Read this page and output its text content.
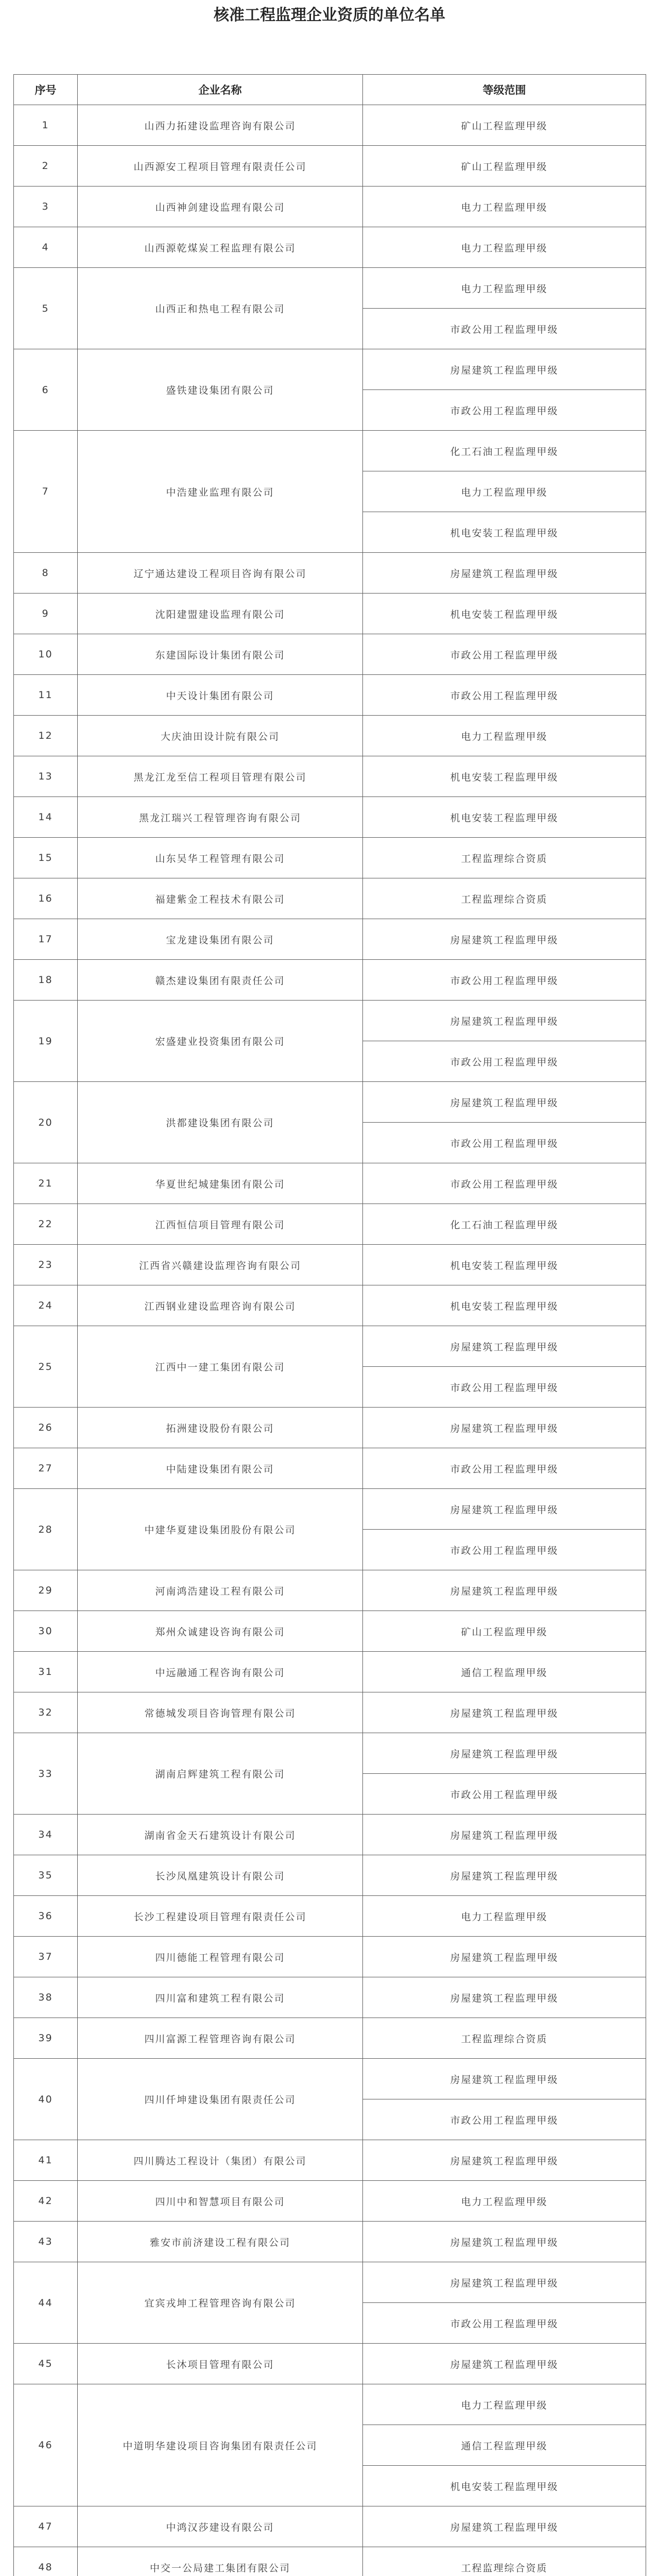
核准工程监理企业资质的单位名单
序号	企业名称	等级范围
1	山西力拓建设监理咨询有限公司	矿山工程监理甲级
2	山西源安工程项目管理有限责任公司	矿山工程监理甲级
3	山西神剑建设监理有限公司	电力工程监理甲级
4	山西源乾煤炭工程监理有限公司	电力工程监理甲级
5	山西正和热电工程有限公司	电力工程监理甲级
		市政公用工程监理甲级
6	盛铁建设集团有限公司	房屋建筑工程监理甲级
		市政公用工程监理甲级
7	中浩建业监理有限公司	化工石油工程监理甲级
		电力工程监理甲级
		机电安装工程监理甲级
8	辽宁通达建设工程项目咨询有限公司	房屋建筑工程监理甲级
9	沈阳建盟建设监理有限公司	机电安装工程监理甲级
10	东建国际设计集团有限公司	市政公用工程监理甲级
11	中天设计集团有限公司	市政公用工程监理甲级
12	大庆油田设计院有限公司	电力工程监理甲级
13	黑龙江龙至信工程项目管理有限公司	机电安装工程监理甲级
14	黑龙江瑞兴工程管理咨询有限公司	机电安装工程监理甲级
15	山东吴华工程管理有限公司	工程监理综合资质
16	福建紫金工程技术有限公司	工程监理综合资质
17	宝龙建设集团有限公司	房屋建筑工程监理甲级
18	赣杰建设集团有限责任公司	市政公用工程监理甲级
19	宏盛建业投资集团有限公司	房屋建筑工程监理甲级
		市政公用工程监理甲级
20	洪都建设集团有限公司	房屋建筑工程监理甲级
		市政公用工程监理甲级
21	华夏世纪城建集团有限公司	市政公用工程监理甲级
22	江西恒信项目管理有限公司	化工石油工程监理甲级
23	江西省兴赣建设监理咨询有限公司	机电安装工程监理甲级
24	江西钢业建设监理咨询有限公司	机电安装工程监理甲级
25	江西中一建工集团有限公司	房屋建筑工程监理甲级
		市政公用工程监理甲级
26	拓洲建设股份有限公司	房屋建筑工程监理甲级
27	中陆建设集团有限公司	市政公用工程监理甲级
28	中建华夏建设集团股份有限公司	房屋建筑工程监理甲级
		市政公用工程监理甲级
29	河南鸿浩建设工程有限公司	房屋建筑工程监理甲级
30	郑州众诚建设咨询有限公司	矿山工程监理甲级
31	中远融通工程咨询有限公司	通信工程监理甲级
32	常德城发项目咨询管理有限公司	房屋建筑工程监理甲级
33	湖南启辉建筑工程有限公司	房屋建筑工程监理甲级
		市政公用工程监理甲级
34	湖南省金天石建筑设计有限公司	房屋建筑工程监理甲级
35	长沙凤凰建筑设计有限公司	房屋建筑工程监理甲级
36	长沙工程建设项目管理有限责任公司	电力工程监理甲级
37	四川德能工程管理有限公司	房屋建筑工程监理甲级
38	四川富和建筑工程有限公司	房屋建筑工程监理甲级
39	四川富源工程管理咨询有限公司	工程监理综合资质
40	四川仟坤建设集团有限责任公司	房屋建筑工程监理甲级
		市政公用工程监理甲级
41	四川腾达工程设计（集团）有限公司	房屋建筑工程监理甲级
42	四川中和智慧项目有限公司	电力工程监理甲级
43	雅安市前济建设工程有限公司	房屋建筑工程监理甲级
44	宜宾戎坤工程管理咨询有限公司	房屋建筑工程监理甲级
		市政公用工程监理甲级
45	长沐项目管理有限公司	房屋建筑工程监理甲级
46	中道明华建设项目咨询集团有限责任公司	电力工程监理甲级
		通信工程监理甲级
		机电安装工程监理甲级
47	中鸿汉莎建设有限公司	房屋建筑工程监理甲级
48	中交一公局建工集团有限公司	工程监理综合资质
